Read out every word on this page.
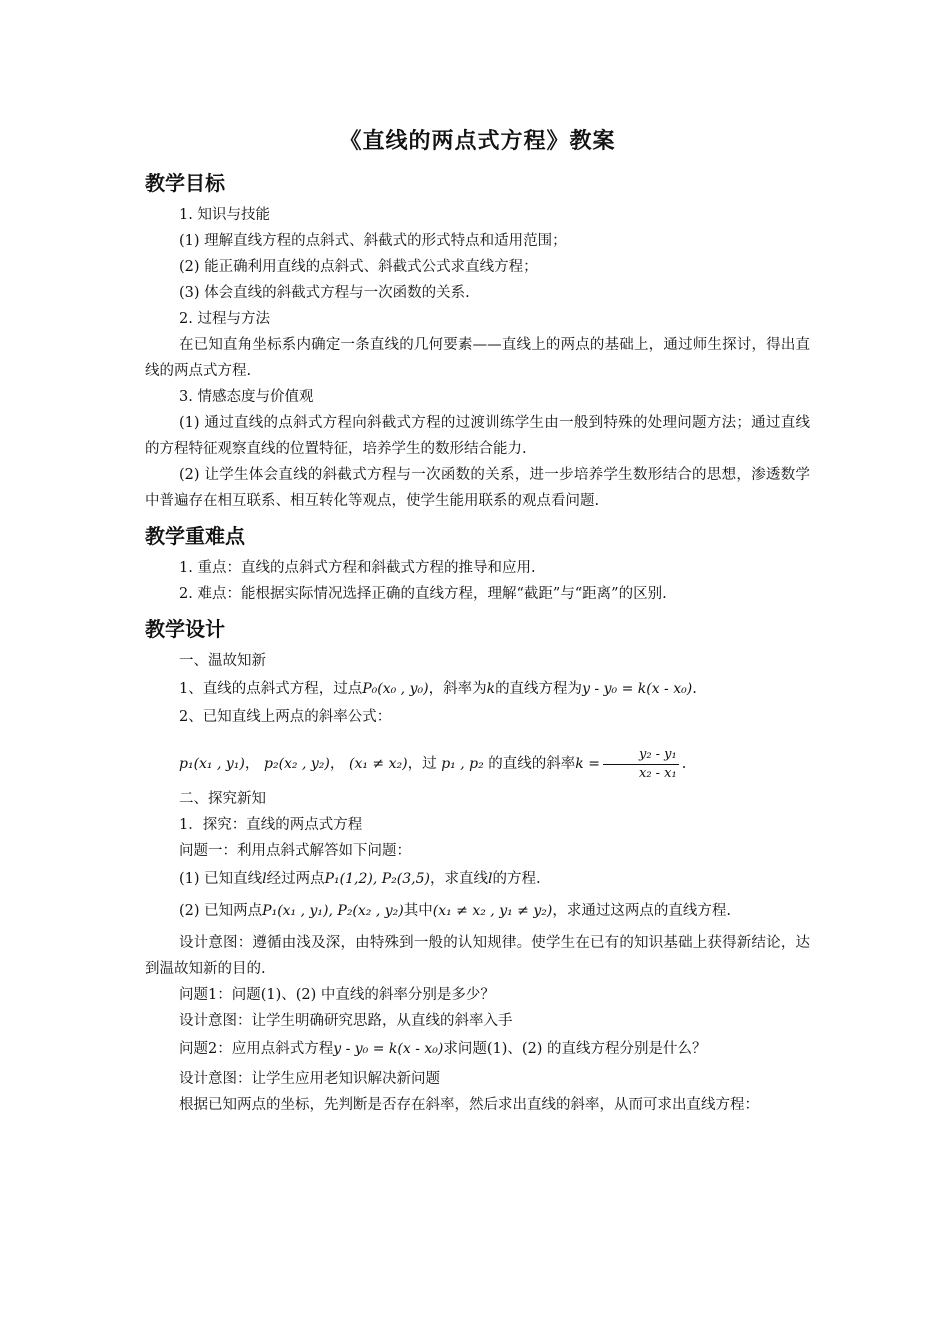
《直线的两点式方程》教案
教学目标

1. 知识与技能

(1) 理解直线方程的点斜式、斜截式的形式特点和适用范围；

(2) 能正确利用直线的点斜式、斜截式公式求直线方程；

(3) 体会直线的斜截式方程与一次函数的关系.

2. 过程与方法

在已知直角坐标系内确定一条直线的几何要素——直线上的两点的基础上，通过师生探讨，得出直线的两点式方程.

3. 情感态度与价值观

(1) 通过直线的点斜式方程向斜截式方程的过渡训练学生由一般到特殊的处理问题方法；通过直线的方程特征观察直线的位置特征，培养学生的数形结合能力.

(2) 让学生体会直线的斜截式方程与一次函数的关系，进一步培养学生数形结合的思想，渗透数学中普遍存在相互联系、相互转化等观点，使学生能用联系的观点看问题.

教学重难点

1. 重点：直线的点斜式方程和斜截式方程的推导和应用.

2. 难点：能根据实际情况选择正确的直线方程，理解“截距”与“距离”的区别.

教学设计

一、温故知新

1、直线的点斜式方程，过点P₀(x₀ , y₀)，斜率为k的直线方程为y - y₀ = k(x - x₀).

2、已知直线上两点的斜率公式：

p₁(x₁ , y₁)， p₂(x₂ , y₂)， (x₁ ≠ x₂)，过 p₁ , p₂ 的直线的斜率$k = \frac{\text{y₂ - y₁}}{\text{x₂ - x₁}}$ .

二、探究新知

1．探究：直线的两点式方程

问题一：利用点斜式解答如下问题：

(1) 已知直线l经过两点P₁(1,2), P₂(3,5)，求直线l的方程.

(2) 已知两点P₁(x₁ , y₁), P₂(x₂ , y₂)其中(x₁ ≠ x₂ , y₁ ≠ y₂)，求通过这两点的直线方程.

设计意图：遵循由浅及深，由特殊到一般的认知规律。使学生在已有的知识基础上获得新结论，达到温故知新的目的.

问题1：问题(1)、(2) 中直线的斜率分别是多少？

设计意图：让学生明确研究思路，从直线的斜率入手

问题2：应用点斜式方程y - y₀ = k(x - x₀)求问题(1)、(2) 的直线方程分别是什么？

设计意图：让学生应用老知识解决新问题

根据已知两点的坐标，先判断是否存在斜率，然后求出直线的斜率，从而可求出直线方程：
